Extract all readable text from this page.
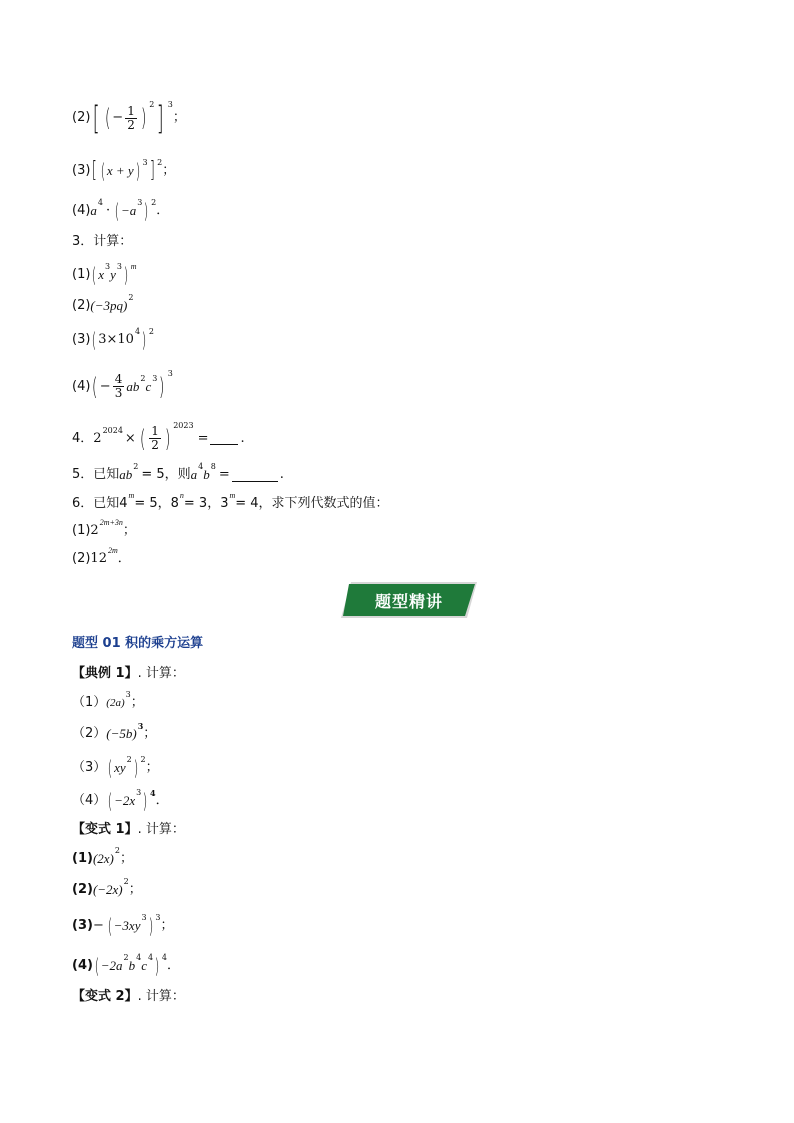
(2) [ ( − $\frac{1}{2}$ ) 2 ] 3
；
(3) [ ( x + y ) 3 ] 2
；
(4) a
4
· ( −a
3 ) 2
．
3．计算：
(1) ( x
3
y
3 ) m
(2) (−3pq)
2
(3) ( 3×10
4 ) 2
(4) ( − $\frac{4}{3}$ ab
2
c
3 ) 3
4． 2
2024
× ( $\frac{1}{2}$ ) 2023
= .
5．已知 ab
2
= 5，则 a
4
b
8
=	.
6．已知4
m
= 5，8
n
= 3，3
m
= 4，求下列代数式的值：
(1) 2
2m+3n
；
(2) 12
2m
．
题型精讲
题型 01 积的乘方运算
【典例 1】 . 计算：
（1） (2a)
3
；
（2） (−5b) 3 ；
（3） ( xy
2 ) 2
；
（4） ( −2x
3 ) 4 ．
【变式 1】 . 计算：
(1) (2x)
2
；
(2) (−2x)
2
；
(3) − ( −3xy
3 ) 3
；
(4) ( −2a
2
b
4
c
4 ) 4
．
【变式 2】 . 计算：
